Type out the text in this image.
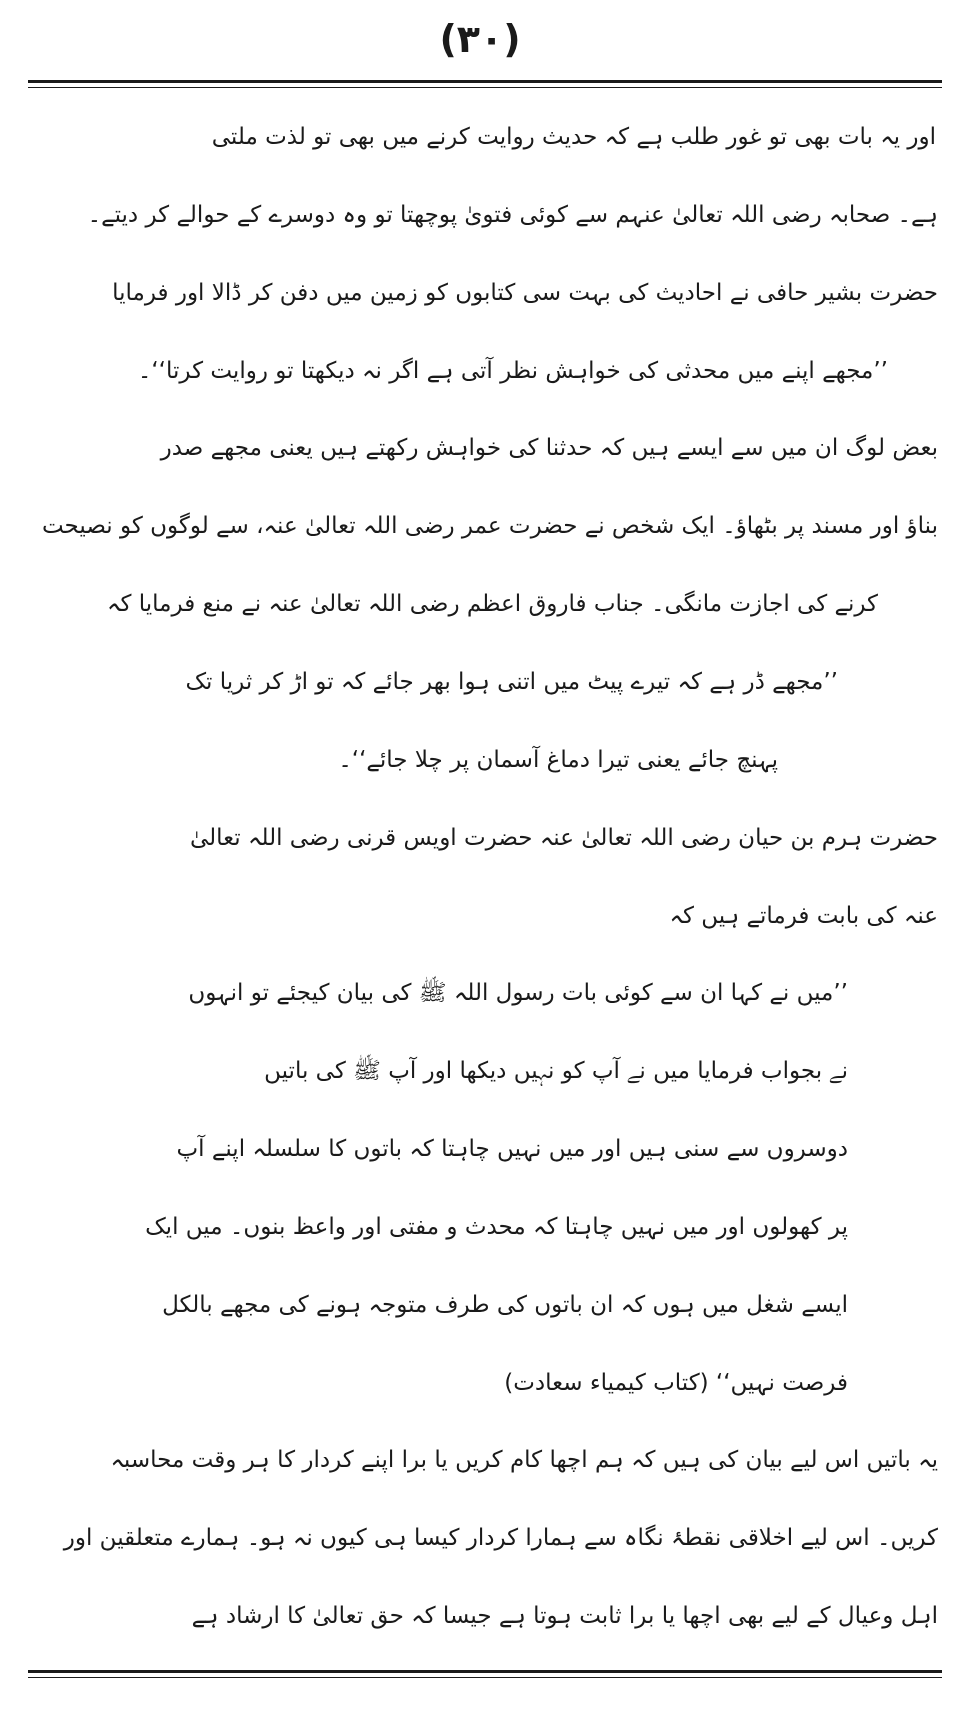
(۳۰)
اور یہ بات بھی تو غور طلب ہے کہ حدیث روایت کرنے میں بھی تو لذت ملتی
ہے۔ صحابہ رضی اللہ تعالیٰ عنہم سے کوئی فتویٰ پوچھتا تو وہ دوسرے کے حوالے کر دیتے۔
حضرت بشیر حافی نے احادیث کی بہت سی کتابوں کو زمین میں دفن کر ڈالا اور فرمایا
’’مجھے اپنے میں محدثی کی خواہش نظر آتی ہے اگر نہ دیکھتا تو روایت کرتا‘‘۔
بعض لوگ ان میں سے ایسے ہیں کہ حدثنا کی خواہش رکھتے ہیں یعنی مجھے صدر
بناؤ اور مسند پر بٹھاؤ۔ ایک شخص نے حضرت عمر رضی اللہ تعالیٰ عنہ، سے لوگوں کو نصیحت
کرنے کی اجازت مانگی۔ جناب فاروق اعظم رضی اللہ تعالیٰ عنہ نے منع فرمایا کہ
’’مجھے ڈر ہے کہ تیرے پیٹ میں اتنی ہوا بھر جائے کہ تو اڑ کر ثریا تک
پہنچ جائے یعنی تیرا دماغ آسمان پر چلا جائے‘‘۔
حضرت ہرم بن حیان رضی اللہ تعالیٰ عنہ حضرت اویس قرنی رضی اللہ تعالیٰ
عنہ کی بابت فرماتے ہیں کہ
’’میں نے کہا ان سے کوئی بات رسول اللہ ﷺ کی بیان کیجئے تو انہوں
نے بجواب فرمایا میں نے آپ کو نہیں دیکھا اور آپ ﷺ کی باتیں
دوسروں سے سنی ہیں اور میں نہیں چاہتا کہ باتوں کا سلسلہ اپنے آپ
پر کھولوں اور میں نہیں چاہتا کہ محدث و مفتی اور واعظ بنوں۔ میں ایک
ایسے شغل میں ہوں کہ ان باتوں کی طرف متوجہ ہونے کی مجھے بالکل
فرصت نہیں‘‘ (کتاب کیمیاء سعادت)
یہ باتیں اس لیے بیان کی ہیں کہ ہم اچھا کام کریں یا برا اپنے کردار کا ہر وقت محاسبہ
کریں۔ اس لیے اخلاقی نقطۂ نگاہ سے ہمارا کردار کیسا ہی کیوں نہ ہو۔ ہمارے متعلقین اور
اہل وعیال کے لیے بھی اچھا یا برا ثابت ہوتا ہے جیسا کہ حق تعالیٰ کا ارشاد ہے
